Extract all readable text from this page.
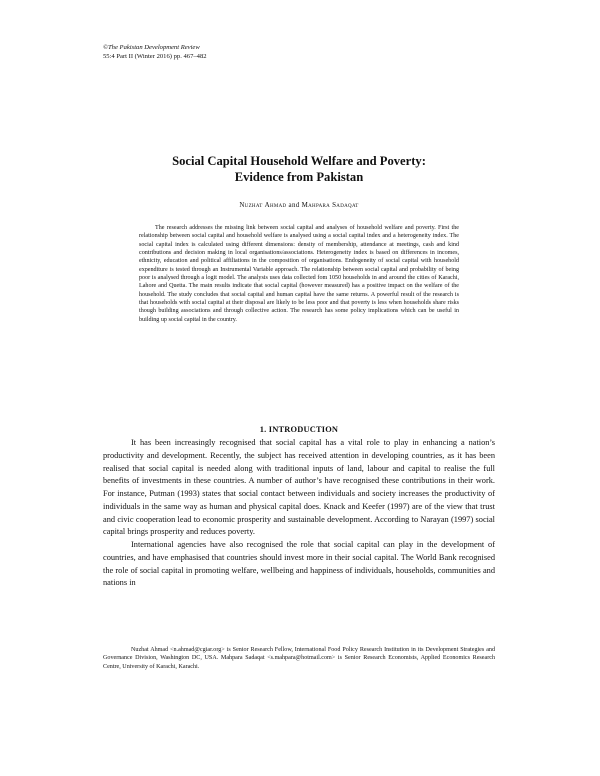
©The Pakistan Development Review
55:4 Part II (Winter 2016) pp. 467–482
Social Capital Household Welfare and Poverty:
Evidence from Pakistan
Nuzhat Ahmad and Mahpara Sadaqat

The research addresses the missing link between social capital and analyses of household welfare and poverty. First the relationship between social capital and household welfare is analysed using a social capital index and a heterogeneity index. The social capital index is calculated using different dimensions: density of membership, attendance at meetings, cash and kind contributions and decision making in local organisations/associations. Heterogeneity index is based on differences in incomes, ethnicity, education and political affiliations in the composition of organisations. Endogeneity of social capital with household expenditure is tested through an Instrumental Variable approach. The relationship between social capital and probability of being poor is analysed through a logit model. The analysis uses data collected fom 1050 households in and around the cities of Karachi, Lahore and Quetta. The main results indicate that social capital (however measured) has a positive impact on the welfare of the household. The study concludes that social capital and human capital have the same returns. A powerful result of the research is that households with social capital at their disposal are likely to be less poor and that poverty is less when households share risks though building associations and through collective action. The research has some policy implications which can be useful in building up social capital in the country.

1. INTRODUCTION

It has been increasingly recognised that social capital has a vital role to play in enhancing a nation’s productivity and development. Recently, the subject has received attention in developing countries, as it has been realised that social capital is needed along with traditional inputs of land, labour and capital to realise the full benefits of investments in these countries. A number of author’s have recognised these contributions in their work. For instance, Putman (1993) states that social contact between individuals and society increases the productivity of individuals in the same way as human and physical capital does. Knack and Keefer (1997) are of the view that trust and civic cooperation lead to economic prosperity and sustainable development. According to Narayan (1997) social capital brings prosperity and reduces poverty.

International agencies have also recognised the role that social capital can play in the development of countries, and have emphasised that countries should invest more in their social capital. The World Bank recognised the role of social capital in promoting welfare, wellbeing and happiness of individuals, households, communities and nations in

Nuzhat Ahmad <n.ahmad@cgiar.org> is Senior Research Fellow, International Food Policy Research Institution in its Development Strategies and Governance Division, Washington DC, USA. Mahpara Sadaqat <s.mahpara@hotmail.com> is Senior Research Economists, Applied Economics Research Centre, University of Karachi, Karachi.
